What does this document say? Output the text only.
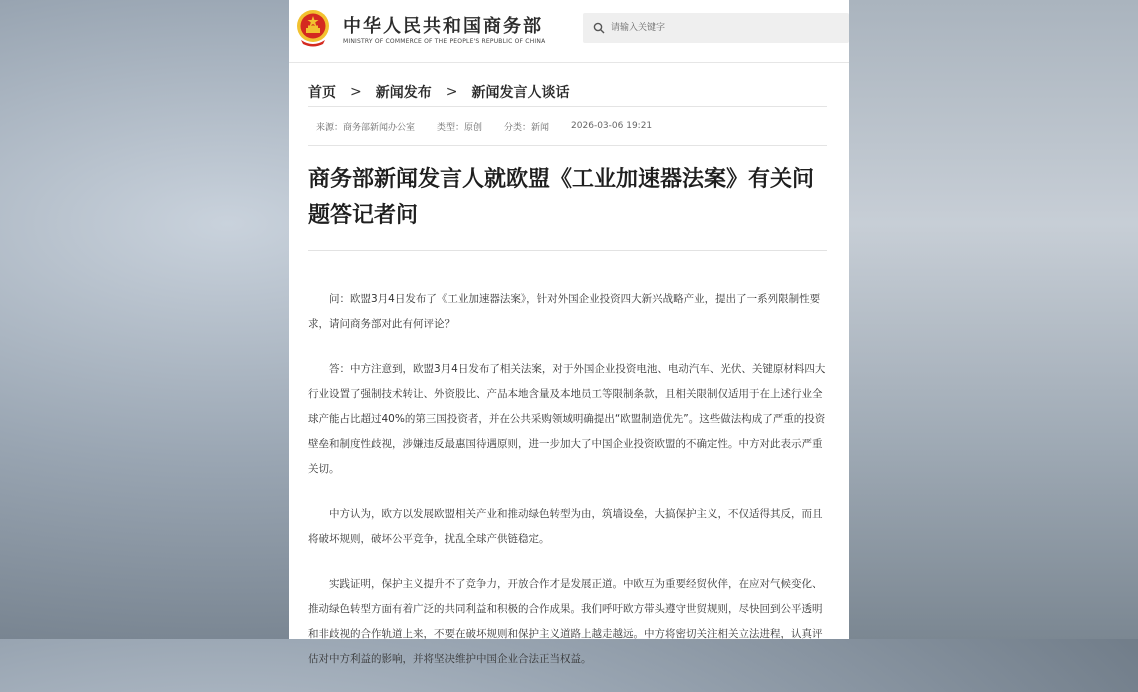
中华人民共和国商务部
MINISTRY OF COMMERCE OF THE PEOPLE'S REPUBLIC OF CHINA
请输入关键字
首页 > 新闻发布 > 新闻发言人谈话
来源：商务部新闻办公室 类型：原创 分类：新闻 2026-03-06 19:21
商务部新闻发言人就欧盟《工业加速器法案》有关问题答记者问

问：欧盟3月4日发布了《工业加速器法案》，针对外国企业投资四大新兴战略产业，提出了一系列限制性要求，请问商务部对此有何评论？

答：中方注意到，欧盟3月4日发布了相关法案，对于外国企业投资电池、电动汽车、光伏、关键原材料四大行业设置了强制技术转让、外资股比、产品本地含量及本地员工等限制条款，且相关限制仅适用于在上述行业全球产能占比超过40%的第三国投资者，并在公共采购领域明确提出“欧盟制造优先”。这些做法构成了严重的投资壁垒和制度性歧视，涉嫌违反最惠国待遇原则，进一步加大了中国企业投资欧盟的不确定性。中方对此表示严重关切。

中方认为，欧方以发展欧盟相关产业和推动绿色转型为由，筑墙设垒，大搞保护主义，不仅适得其反，而且将破坏规则，破坏公平竞争，扰乱全球产供链稳定。

实践证明，保护主义提升不了竞争力，开放合作才是发展正道。中欧互为重要经贸伙伴，在应对气候变化、推动绿色转型方面有着广泛的共同利益和积极的合作成果。我们呼吁欧方带头遵守世贸规则，尽快回到公平透明和非歧视的合作轨道上来，不要在破坏规则和保护主义道路上越走越远。中方将密切关注相关立法进程，认真评估对中方利益的影响，并将坚决维护中国企业合法正当权益。
